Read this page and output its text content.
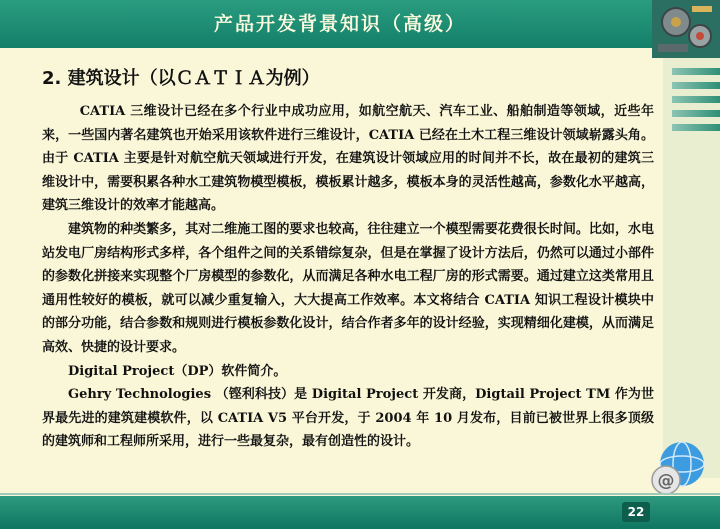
产品开发背景知识（高级）
2. 建筑设计（以ＣＡＴＩＡ为例）

CATIA 三维设计已经在多个行业中成功应用，如航空航天、汽车工业、船舶制造等领域，近些年来，一些国内著名建筑也开始采用该软件进行三维设计，CATIA 已经在土木工程三维设计领域崭露头角。由于 CATIA 主要是针对航空航天领域进行开发，在建筑设计领域应用的时间并不长，故在最初的建筑三维设计中，需要积累各种水工建筑物模型模板，模板累计越多，模板本身的灵活性越高，参数化水平越高，建筑三维设计的效率才能越高。

建筑物的种类繁多，其对二维施工图的要求也较高，往往建立一个模型需要花费很长时间。比如，水电站发电厂房结构形式多样，各个组件之间的关系错综复杂，但是在掌握了设计方法后，仍然可以通过小部件的参数化拼接来实现整个厂房模型的参数化，从而满足各种水电工程厂房的形式需要。通过建立这类常用且通用性较好的模板，就可以减少重复输入，大大提高工作效率。本文将结合 CATIA 知识工程设计模块中的部分功能，结合参数和规则进行模板参数化设计，结合作者多年的设计经验，实现精细化建模，从而满足高效、快捷的设计要求。

Digital Project（DP）软件简介。

Gehry Technologies （铿利科技）是 Digital Project 开发商，Digtail Project TM 作为世界最先进的建筑建模软件，以 CATIA V5 平台开发，于 2004 年 10 月发布，目前已被世界上很多顶级的建筑师和工程师所采用，进行一些最复杂，最有创造性的设计。

@
22
